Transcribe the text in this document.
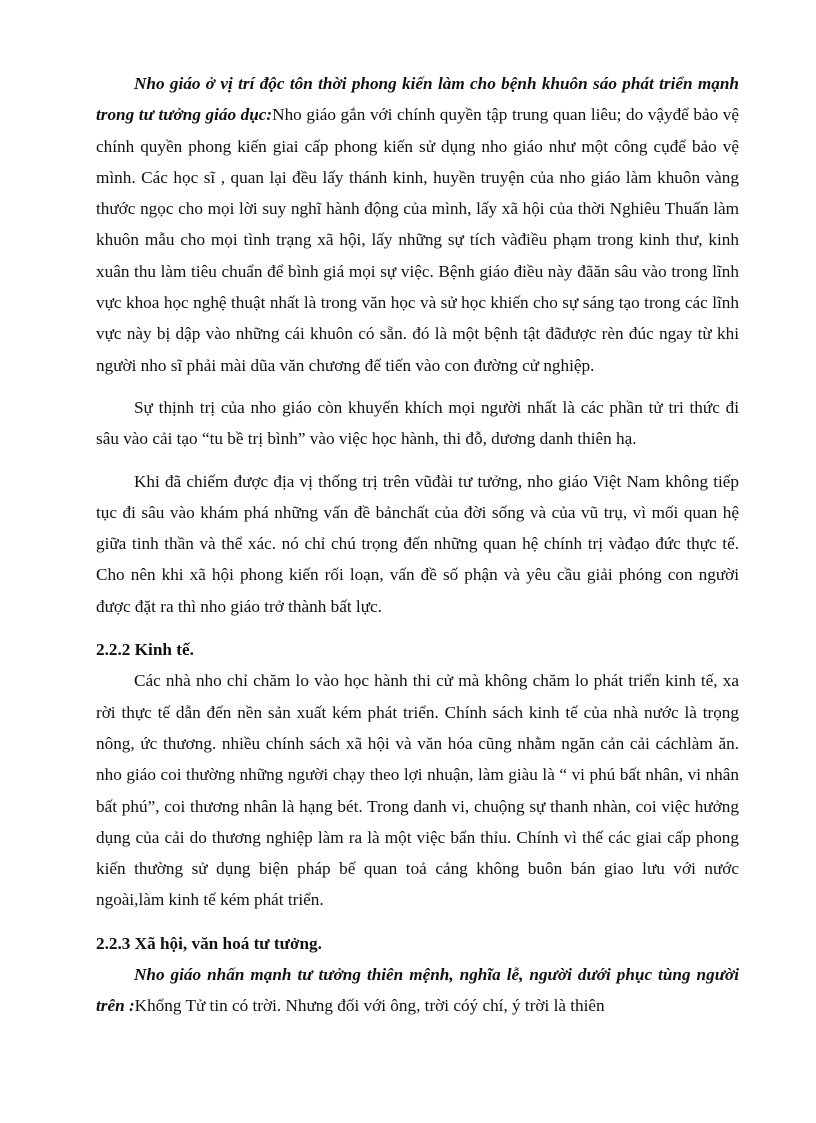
Nho giáo ở vị trí độc tôn thời phong kiến làm cho bệnh khuôn sáo phát triển mạnh trong tư tưởng giáo dục:Nho giáo gắn với chính quyền tập trung quan liêu; do vậyđể bảo vệ chính quyền phong kiến giai cấp phong kiến sử dụng nho giáo như một công cụđể bảo vệ mình. Các học sĩ , quan lại đều lấy thánh kinh, huyền truyện của nho giáo làm khuôn vàng thước ngọc cho mọi lời suy nghĩ hành động của mình, lấy xã hội của thời Nghiêu Thuấn làm khuôn mẫu cho mọi tình trạng xã hội, lấy những sự tích vàđiều phạm trong kinh thư, kinh xuân thu làm tiêu chuẩn để bình giá mọi sự việc. Bệnh giáo điều này đãăn sâu vào trong lĩnh vực khoa học nghệ thuật nhất là trong văn học và sử học khiến cho sự sáng tạo trong các lĩnh vực này bị dập vào những cái khuôn có sẵn. đó là một bệnh tật đãđược rèn đúc ngay từ khi người nho sĩ phải mài dũa văn chương để tiến vào con đường cử nghiệp.

Sự thịnh trị của nho giáo còn khuyến khích mọi người nhất là các phần tử tri thức đi sâu vào cải tạo “tu bề trị bình” vào việc học hành, thi đỗ, dương danh thiên hạ.

Khi đã chiếm được địa vị thống trị trên vũđài tư tưởng, nho giáo Việt Nam không tiếp tục đi sâu vào khám phá những vấn đề bảnchất của đời sống và của vũ trụ, vì mối quan hệ giữa tinh thần và thể xác. nó chỉ chú trọng đến những quan hệ chính trị vàđạo đức thực tế. Cho nên khi xã hội phong kiến rối loạn, vấn đề số phận và yêu cầu giải phóng con người được đặt ra thì nho giáo trở thành bất lực.

2.2.2 Kinh tế.

Các nhà nho chỉ chăm lo vào học hành thi cử mà không chăm lo phát triển kinh tế, xa rời thực tế dẫn đến nền sản xuất kém phát triển. Chính sách kinh tế của nhà nước là trọng nông, ức thương. nhiều chính sách xã hội và văn hóa cũng nhằm ngăn cản cải cáchlàm ăn. nho giáo coi thường những người chạy theo lợi nhuận, làm giàu là “ vi phú bất nhân, vi nhân bất phú”, coi thương nhân là hạng bét. Trong danh vi, chuộng sự thanh nhàn, coi việc hưởng dụng của cải do thương nghiệp làm ra là một việc bẩn thỉu. Chính vì thế các giai cấp phong kiến thường sử dụng biện pháp bế quan toả cảng không buôn bán giao lưu với nước ngoài,làm kinh tế kém phát triển.

2.2.3 Xã hội, văn hoá tư tưởng.

Nho giáo nhấn mạnh tư tưởng thiên mệnh, nghĩa lễ, người dưới phục tùng người trên :Khổng Tử tin có trời. Nhưng đối với ông, trời cóý chí, ý trời là thiên
